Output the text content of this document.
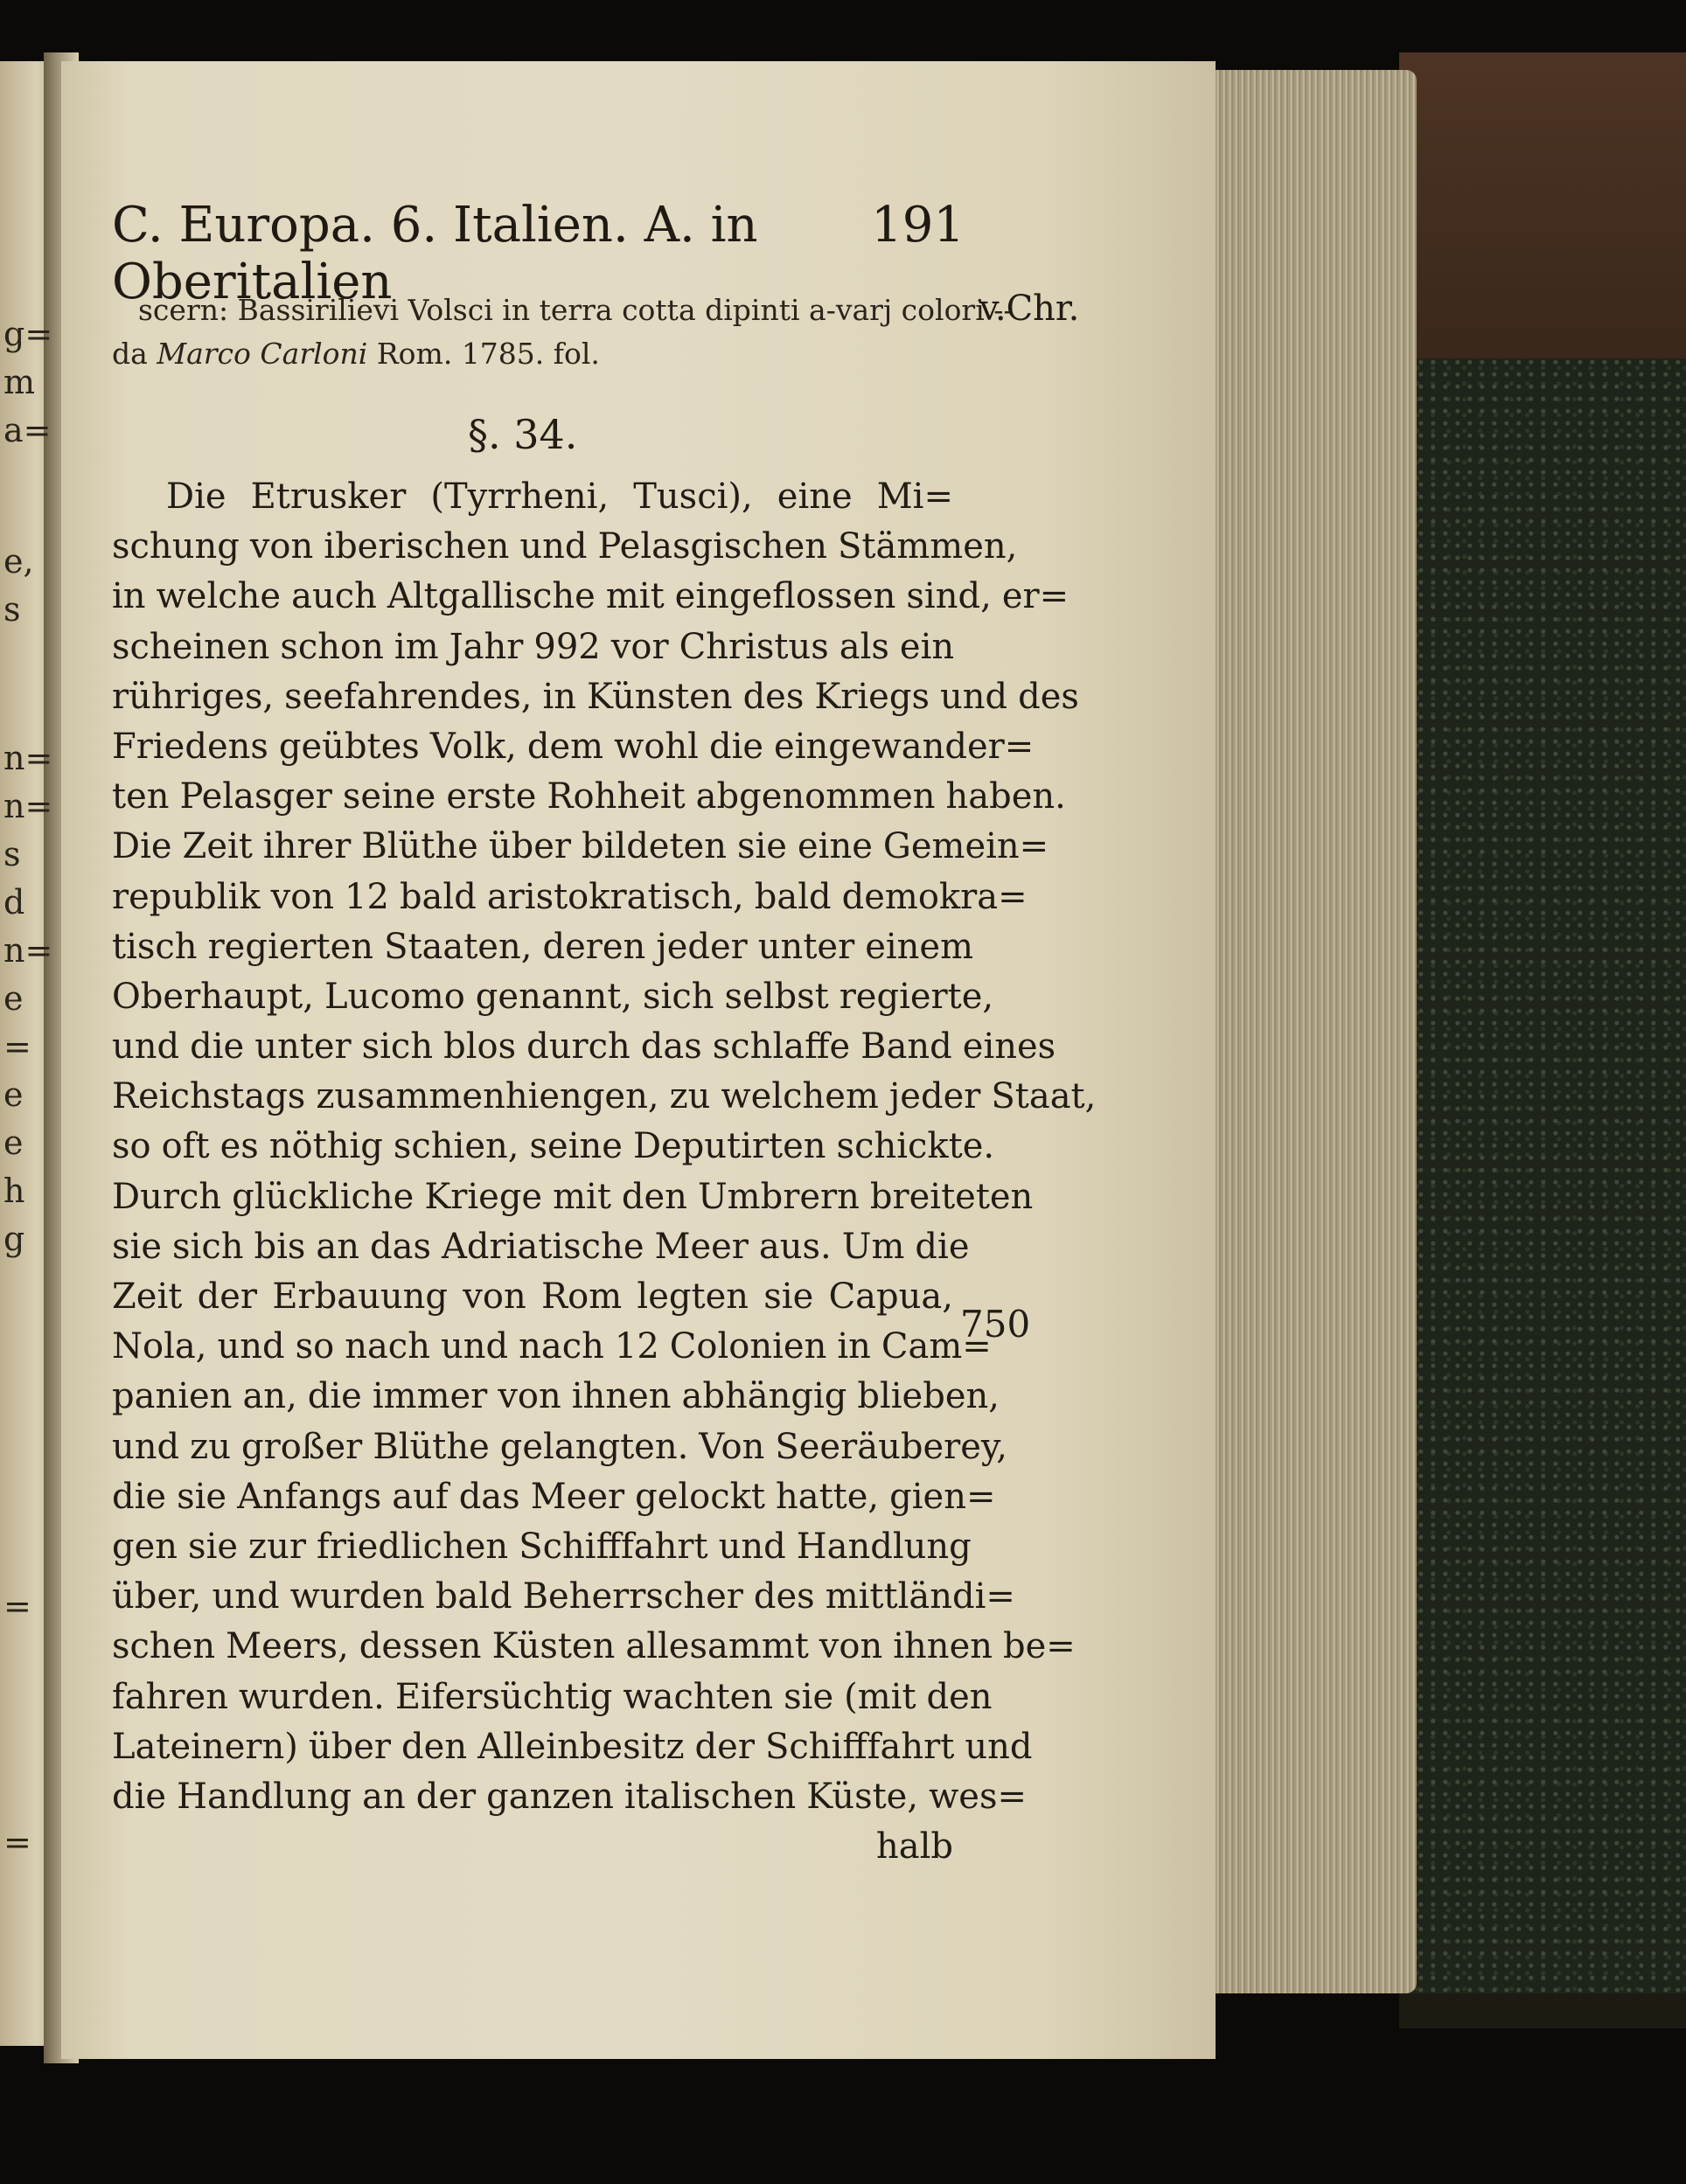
g=
m
a=
e,
s
n=
n=
s
d
n=
e
=
e
e
h
g
=
=
C. Europa. 6. Italien. A. in Oberitalien
191
scern: Bassirilievi Volsci in terra cotta dipinti a-varj colori --
da Marco Carloni Rom. 1785. fol.
v.Chr.
§. 34.
Die Etrusker (Tyrrheni, Tusci), eine Mi=
schung von iberischen und Pelasgischen Stämmen,
in welche auch Altgallische mit eingeflossen sind, er=
scheinen schon im Jahr 992 vor Christus als ein
rühriges, seefahrendes, in Künsten des Kriegs und des
Friedens geübtes Volk, dem wohl die eingewander=
ten Pelasger seine erste Rohheit abgenommen haben.
Die Zeit ihrer Blüthe über bildeten sie eine Gemein=
republik von 12 bald aristokratisch, bald demokra=
tisch regierten Staaten, deren jeder unter einem
Oberhaupt, Lucomo genannt, sich selbst regierte,
und die unter sich blos durch das schlaffe Band eines
Reichstags zusammenhiengen, zu welchem jeder Staat,
so oft es nöthig schien, seine Deputirten schickte.
Durch glückliche Kriege mit den Umbrern breiteten
sie sich bis an das Adriatische Meer aus. Um die
Zeit der Erbauung von Rom legten sie Capua,
Nola, und so nach und nach 12 Colonien in Cam=
panien an, die immer von ihnen abhängig blieben,
und zu großer Blüthe gelangten. Von Seeräuberey,
die sie Anfangs auf das Meer gelockt hatte, gien=
gen sie zur friedlichen Schifffahrt und Handlung
über, und wurden bald Beherrscher des mittländi=
schen Meers, dessen Küsten allesammt von ihnen be=
fahren wurden. Eifersüchtig wachten sie (mit den
Lateinern) über den Alleinbesitz der Schifffahrt und
die Handlung an der ganzen italischen Küste, wes=
halb
750
